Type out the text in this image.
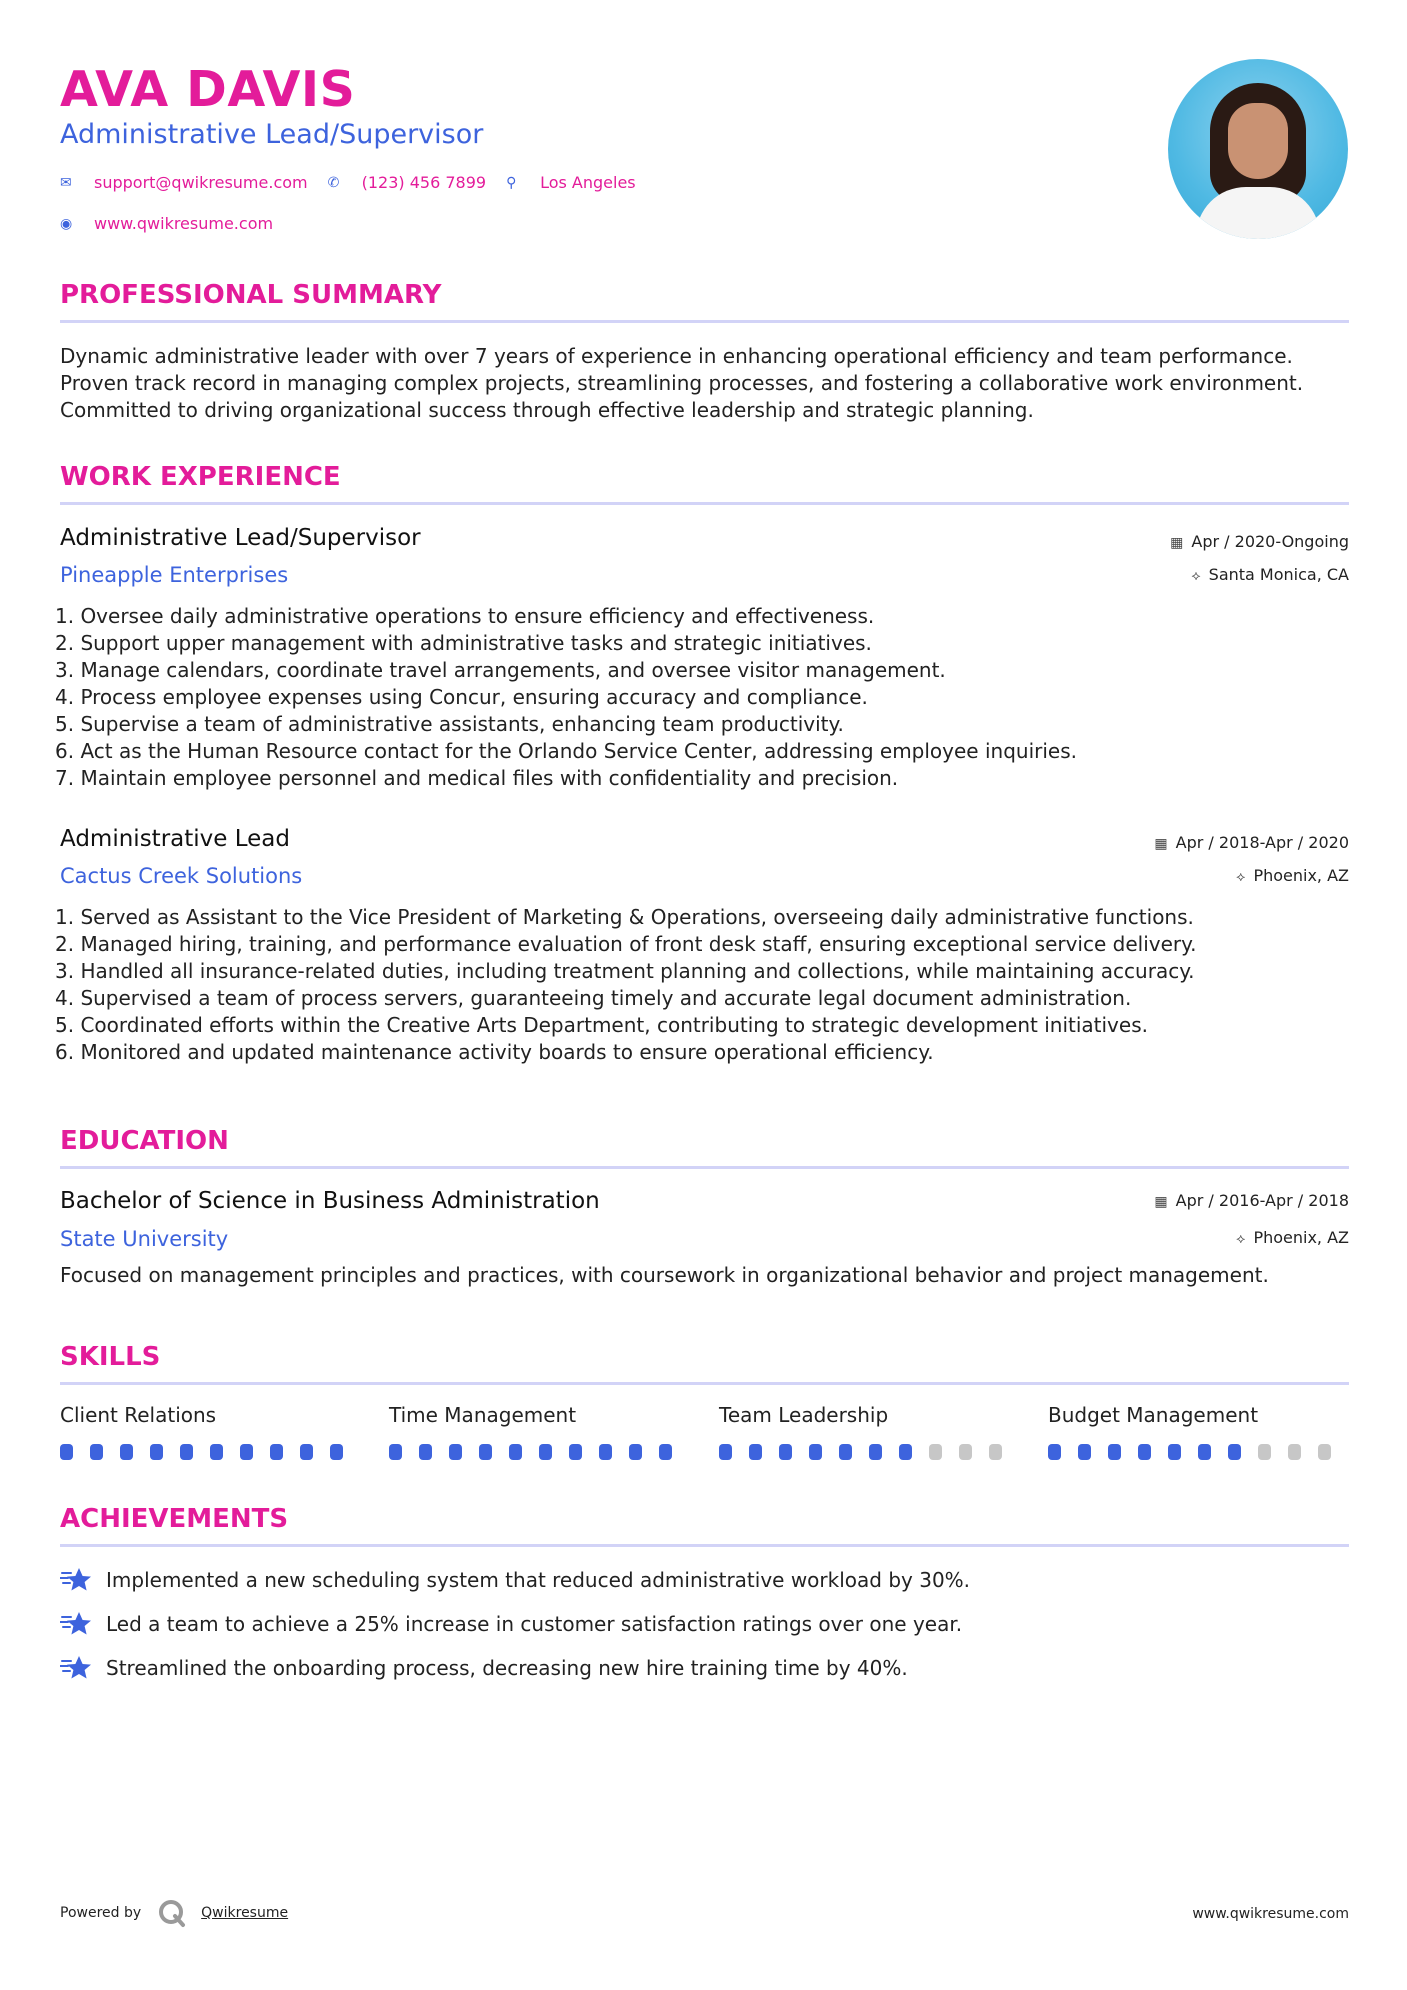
AVA DAVIS
Administrative Lead/Supervisor
✉	support@qwikresume.com ✆	(123) 456 7899 ⚲	Los Angeles
◉	www.qwikresume.com
PROFESSIONAL SUMMARY
Dynamic administrative leader with over 7 years of experience in enhancing operational efficiency and team performance. Proven track record in managing complex projects, streamlining processes, and fostering a collaborative work environment. Committed to driving organizational success through effective leadership and strategic planning.
WORK EXPERIENCE
Administrative Lead/Supervisor
Pineapple Enterprises
▦ Apr / 2020-Ongoing
⟡ Santa Monica, CA
1. Oversee daily administrative operations to ensure efficiency and effectiveness.
2. Support upper management with administrative tasks and strategic initiatives.
3. Manage calendars, coordinate travel arrangements, and oversee visitor management.
4. Process employee expenses using Concur, ensuring accuracy and compliance.
5. Supervise a team of administrative assistants, enhancing team productivity.
6. Act as the Human Resource contact for the Orlando Service Center, addressing employee inquiries.
7. Maintain employee personnel and medical files with confidentiality and precision.
Administrative Lead
Cactus Creek Solutions
▦ Apr / 2018-Apr / 2020
⟡ Phoenix, AZ
1. Served as Assistant to the Vice President of Marketing & Operations, overseeing daily administrative functions.
2. Managed hiring, training, and performance evaluation of front desk staff, ensuring exceptional service delivery.
3. Handled all insurance-related duties, including treatment planning and collections, while maintaining accuracy.
4. Supervised a team of process servers, guaranteeing timely and accurate legal document administration.
5. Coordinated efforts within the Creative Arts Department, contributing to strategic development initiatives.
6. Monitored and updated maintenance activity boards to ensure operational efficiency.
EDUCATION
Bachelor of Science in Business Administration
State University
▦ Apr / 2016-Apr / 2018
⟡ Phoenix, AZ
Focused on management principles and practices, with coursework in organizational behavior and project management.
SKILLS
Client Relations	Time Management	Team Leadership	Budget Management
ACHIEVEMENTS
Implemented a new scheduling system that reduced administrative workload by 30%.
Led a team to achieve a 25% increase in customer satisfaction ratings over one year.
Streamlined the onboarding process, decreasing new hire training time by 40%.
Powered by	Qwikresume	www.qwikresume.com
